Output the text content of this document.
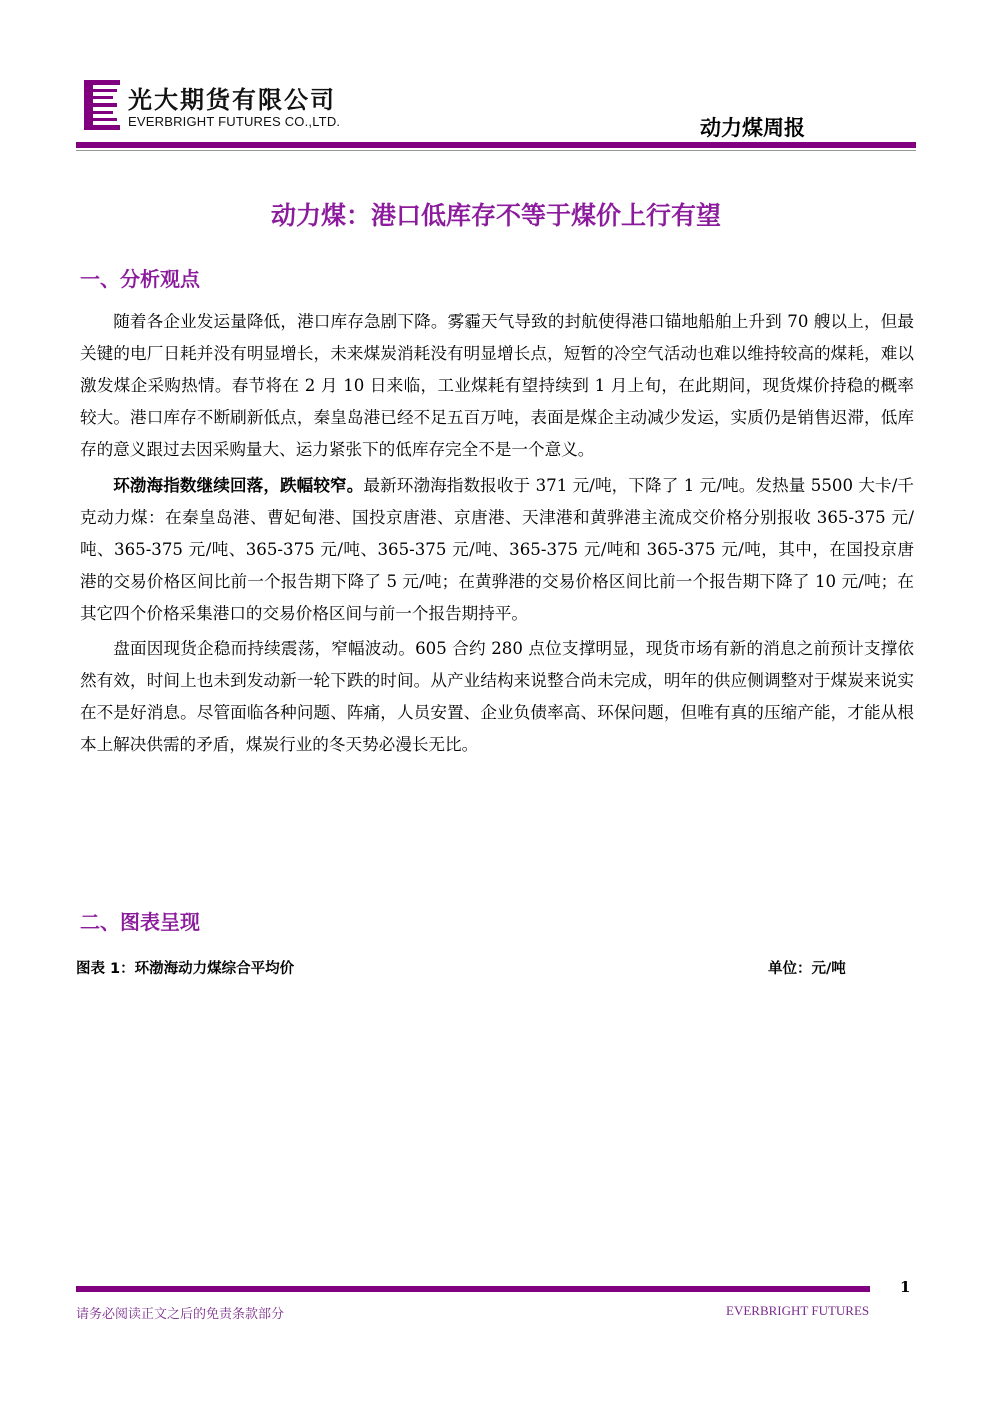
光大期货有限公司
EVERBRIGHT FUTURES CO.,LTD.	动力煤周报
动力煤：港口低库存不等于煤价上行有望
一、分析观点

随着各企业发运量降低，港口库存急剧下降。雾霾天气导致的封航使得港口锚地船舶上升到 70 艘以上，但最关键的电厂日耗并没有明显增长，未来煤炭消耗没有明显增长点，短暂的冷空气活动也难以维持较高的煤耗，难以激发煤企采购热情。春节将在 2 月 10 日来临，工业煤耗有望持续到 1 月上旬，在此期间，现货煤价持稳的概率较大。港口库存不断刷新低点，秦皇岛港已经不足五百万吨，表面是煤企主动减少发运，实质仍是销售迟滞，低库存的意义跟过去因采购量大、运力紧张下的低库存完全不是一个意义。

环渤海指数继续回落，跌幅较窄。最新环渤海指数报收于 371 元/吨，下降了 1 元/吨。发热量 5500 大卡/千克动力煤：在秦皇岛港、曹妃甸港、国投京唐港、京唐港、天津港和黄骅港主流成交价格分别报收 365-375 元/吨、365-375 元/吨、365-375 元/吨、365-375 元/吨、365-375 元/吨和 365-375 元/吨，其中，在国投京唐港的交易价格区间比前一个报告期下降了 5 元/吨；在黄骅港的交易价格区间比前一个报告期下降了 10 元/吨；在其它四个价格采集港口的交易价格区间与前一个报告期持平。

盘面因现货企稳而持续震荡，窄幅波动。605 合约 280 点位支撑明显，现货市场有新的消息之前预计支撑依然有效，时间上也未到发动新一轮下跌的时间。从产业结构来说整合尚未完成，明年的供应侧调整对于煤炭来说实在不是好消息。尽管面临各种问题、阵痛，人员安置、企业负债率高、环保问题，但唯有真的压缩产能，才能从根本上解决供需的矛盾，煤炭行业的冬天势必漫长无比。

二、图表呈现
图表 1：环渤海动力煤综合平均价	单位：元/吨
1
请务必阅读正文之后的免责条款部分	EVERBRIGHT FUTURES
